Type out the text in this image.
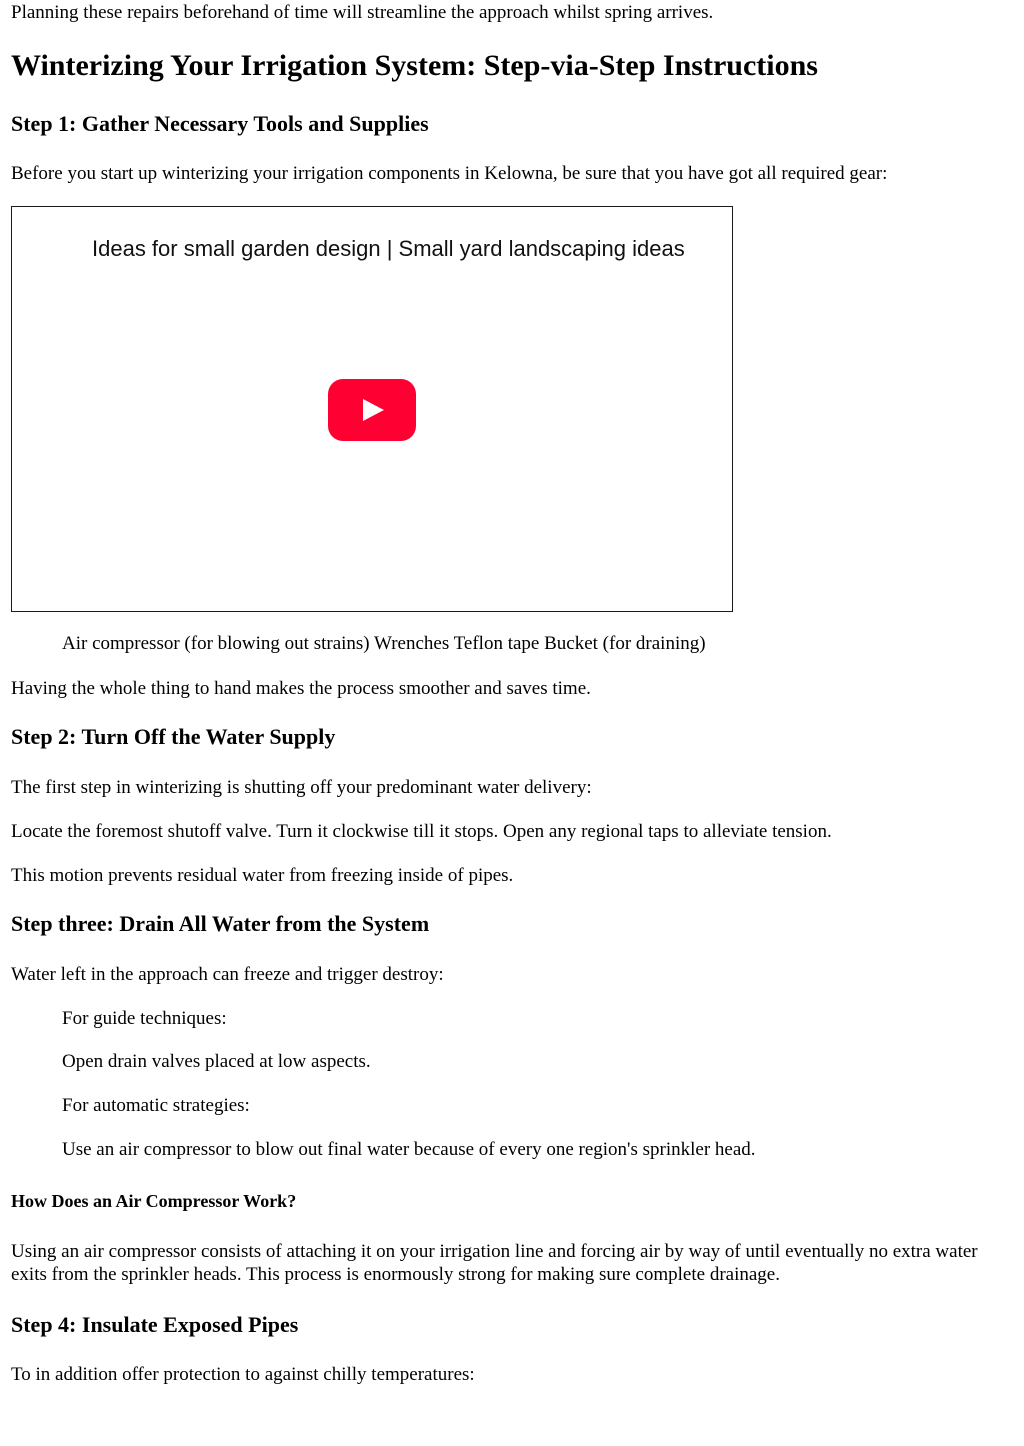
Planning these repairs beforehand of time will streamline the approach whilst spring arrives.

Winterizing Your Irrigation System: Step-via-Step Instructions
Step 1: Gather Necessary Tools and Supplies

Before you start up winterizing your irrigation components in Kelowna, be sure that you have got all required gear:

Ideas for small garden design | Small yard landscaping ideas

Air compressor (for blowing out strains) Wrenches Teflon tape Bucket (for draining)

Having the whole thing to hand makes the process smoother and saves time.

Step 2: Turn Off the Water Supply

The first step in winterizing is shutting off your predominant water delivery:

Locate the foremost shutoff valve. Turn it clockwise till it stops. Open any regional taps to alleviate tension.

This motion prevents residual water from freezing inside of pipes.

Step three: Drain All Water from the System

Water left in the approach can freeze and trigger destroy:

For guide techniques:

Open drain valves placed at low aspects.

For automatic strategies:

Use an air compressor to blow out final water because of every one region's sprinkler head.

How Does an Air Compressor Work?

Using an air compressor consists of attaching it on your irrigation line and forcing air by way of until eventually no extra water exits from the sprinkler heads. This process is enormously strong for making sure complete drainage.

Step 4: Insulate Exposed Pipes

To in addition offer protection to against chilly temperatures:
